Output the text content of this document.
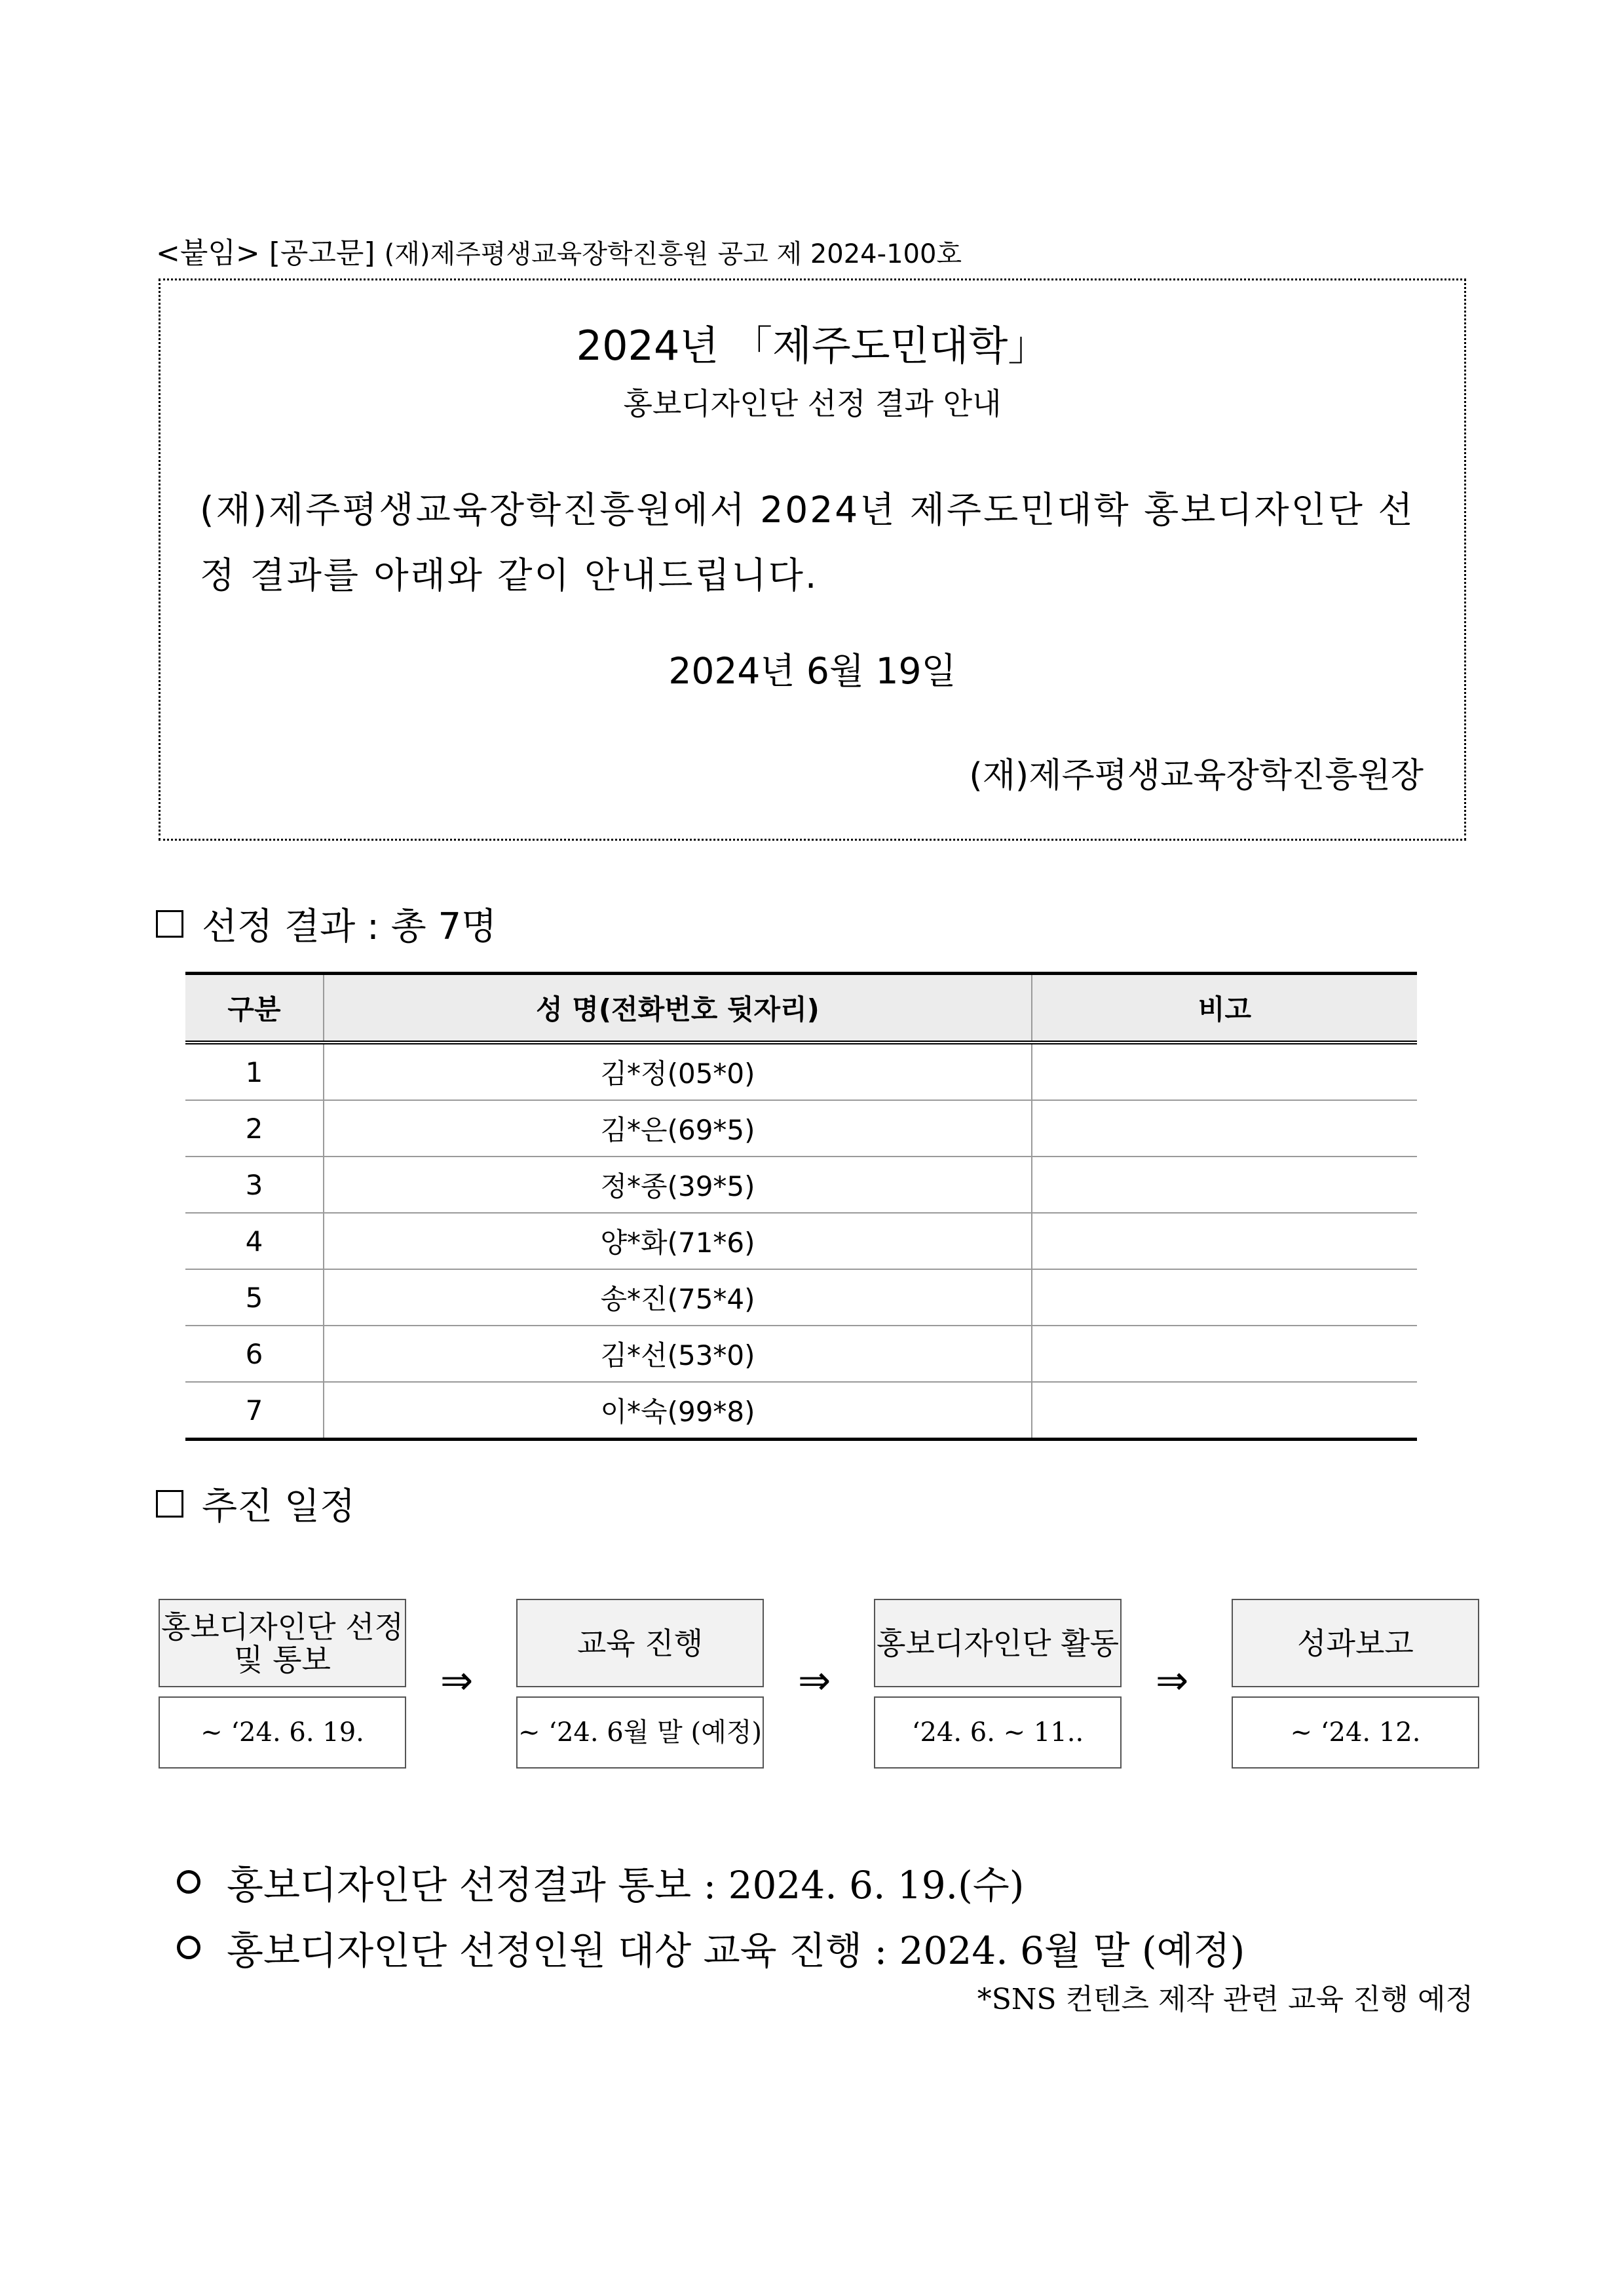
<붙임> [공고문] (재)제주평생교육장학진흥원 공고 제 2024-100호
2024년 「제주도민대학」
홍보디자인단 선정 결과 안내
(재)제주평생교육장학진흥원에서 2024년 제주도민대학 홍보디자인단 선정 결과를 아래와 같이 안내드립니다.
2024년 6월 19일
(재)제주평생교육장학진흥원장
선정 결과 : 총 7명
구분	성 명(전화번호 뒷자리)	비고
1	김*정(05*0)	
2	김*은(69*5)	
3	정*종(39*5)	
4	양*화(71*6)	
5	송*진(75*4)	
6	김*선(53*0)	
7	이*숙(99*8)	
추진 일정
홍보디자인단 선정 및 통보
~ ‘24. 6. 19.
⇒
교육 진행
~ ‘24. 6월 말 (예정)
⇒
홍보디자인단 활동
‘24. 6. ~ 11..
⇒
성과보고
~ ‘24. 12.
홍보디자인단 선정결과 통보 : 2024. 6. 19.(수)
홍보디자인단 선정인원 대상 교육 진행 : 2024. 6월 말 (예정)
*SNS 컨텐츠 제작 관련 교육 진행 예정
